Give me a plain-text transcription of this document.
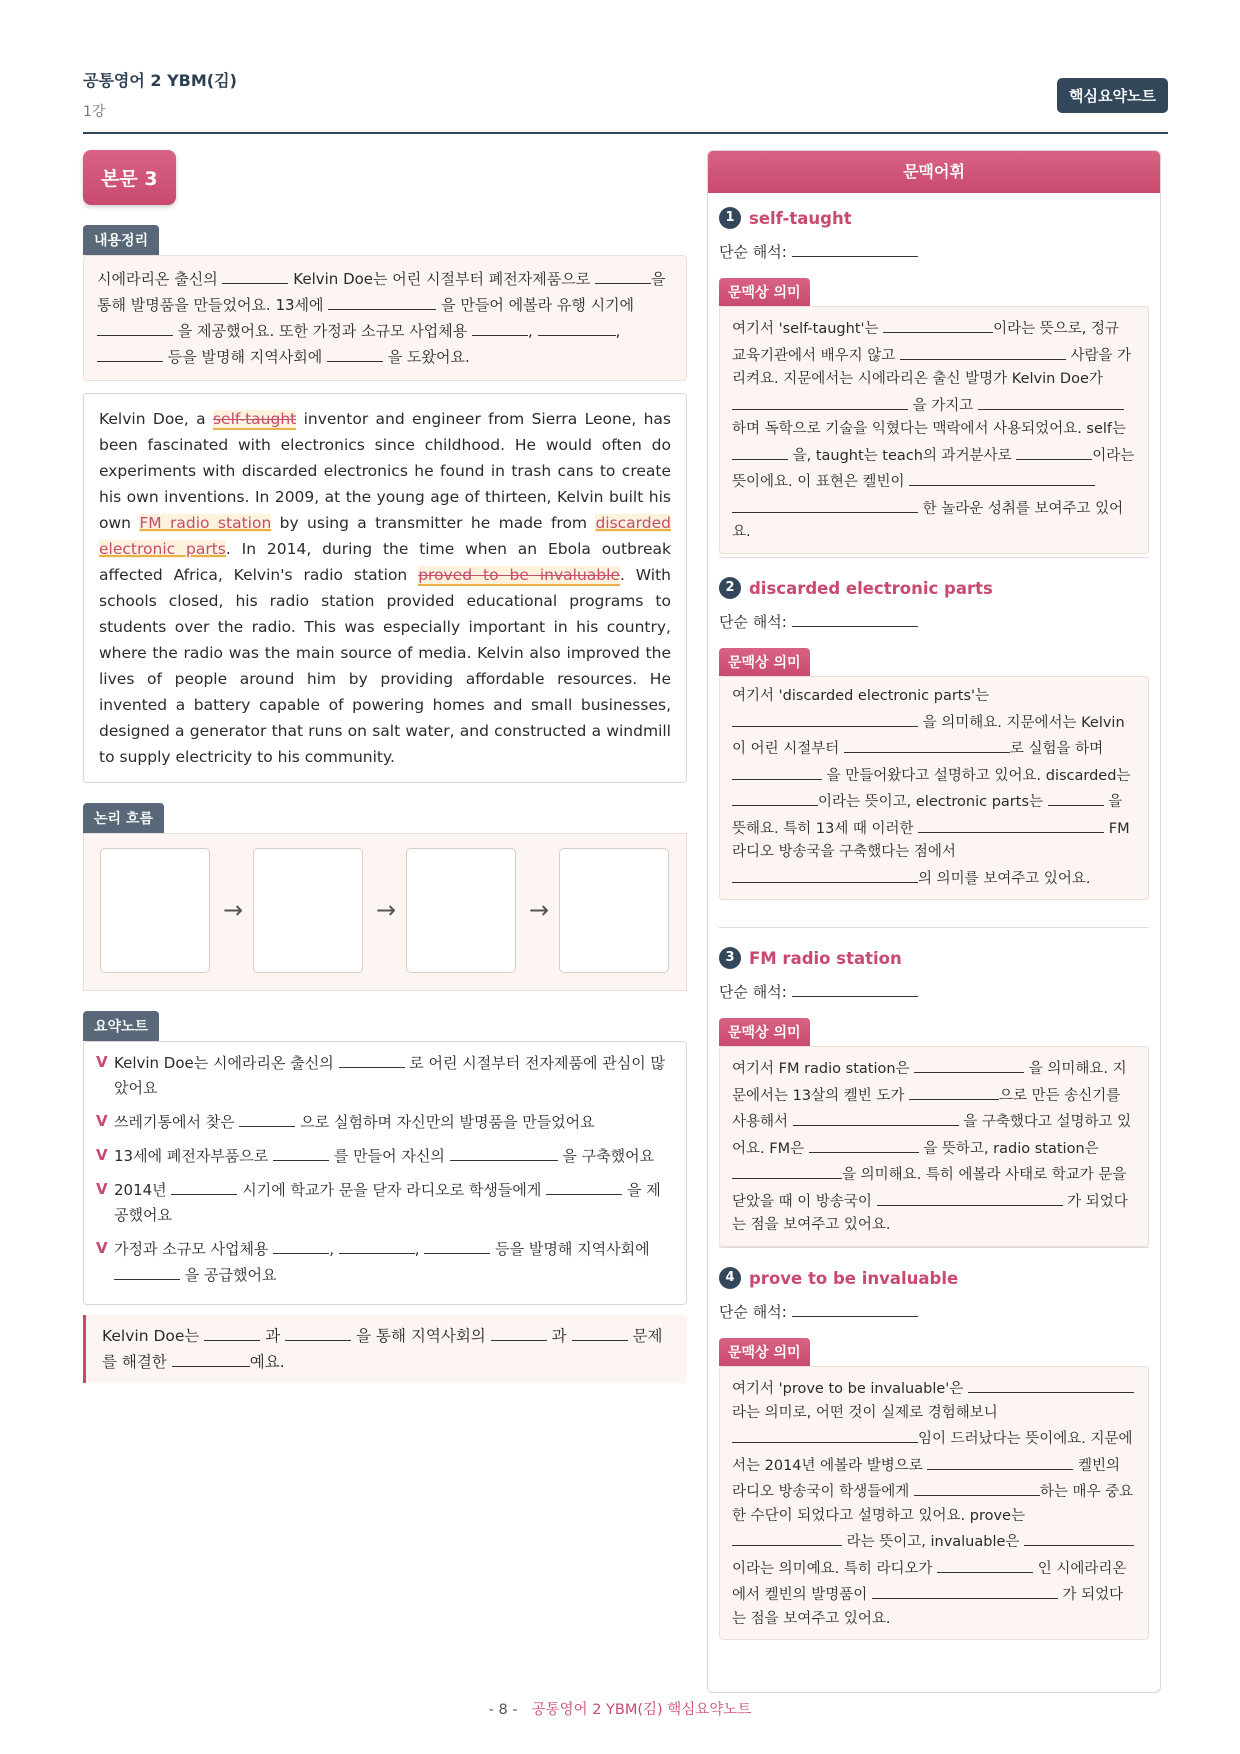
공통영어 2 YBM(김)
1강
핵심요약노트
본문 3
내용정리
시에라리온 출신의	Kelvin Doe는 어린 시절부터 폐전자제품으로	을 통해 발명품을 만들었어요. 13세에	을 만들어 에볼라 유행 시기에  을 제공했어요. 또한 가정과 소규모 사업체용	,	,  등을 발명해 지역사회에	을 도왔어요.
Kelvin Doe, a self-taught inventor and engineer from Sierra Leone, has been fascinated with electronics since childhood. He would often do experiments with discarded electronics he found in trash cans to create his own inventions. In 2009, at the young age of thirteen, Kelvin built his own FM radio station by using a transmitter he made from discarded electronic parts. In 2014, during the time when an Ebola outbreak affected Africa, Kelvin's radio station proved to be invaluable. With schools closed, his radio station provided educational programs to students over the radio. This was especially important in his country, where the radio was the main source of media. Kelvin also improved the lives of people around him by providing affordable resources. He invented a battery capable of powering homes and small businesses, designed a generator that runs on salt water, and constructed a windmill to supply electricity to his community.
논리 흐름
→	→	→
요약노트
V Kelvin Doe는 시에라리온 출신의	로 어린 시절부터 전자제품에 관심이 많았어요
V 쓰레기통에서 찾은	으로 실험하며 자신만의 발명품을 만들었어요
V 13세에 폐전자부품으로	를 만들어 자신의	을 구축했어요
V 2014년	시기에 학교가 문을 닫자 라디오로 학생들에게	을 제공했어요
V 가정과 소규모 사업체용	,	,	등을 발명해 지역사회에  을 공급했어요
Kelvin Doe는	과	을 통해 지역사회의	과	문제를 해결한	예요.
문맥어휘
1 self-taught
단순 해석:
문맥상 의미
여기서 'self-taught'는	이라는 뜻으로, 정규 교육기관에서 배우지 않고	사람을 가리켜요. 지문에서는 시에라리온 출신 발명가 Kelvin Doe가  을 가지고 하며 독학으로 기술을 익혔다는 맥락에서 사용되었어요. self는  을, taught는 teach의 과거분사로	이라는 뜻이에요. 이 표현은 켈빈이   한 놀라운 성취를 보여주고 있어요.
2 discarded electronic parts
단순 해석:
문맥상 의미
여기서 'discarded electronic parts'는  을 의미해요. 지문에서는 Kelvin이 어린 시절부터	로 실험을 하며  을 만들어왔다고 설명하고 있어요. discarded는 이라는 뜻이고, electronic parts는	을 뜻해요. 특히 13세 때 이러한	FM 라디오 방송국을 구축했다는 점에서 의 의미를 보여주고 있어요.
3 FM radio station
단순 해석:
문맥상 의미
여기서 FM radio station은	을 의미해요. 지문에서는 13살의 켈빈 도가	으로 만든 송신기를 사용해서	을 구축했다고 설명하고 있어요. FM은	을 뜻하고, radio station은 을 의미해요. 특히 에볼라 사태로 학교가 문을 닫았을 때 이 방송국이	가 되었다는 점을 보여주고 있어요.
4 prove to be invaluable
단순 해석:
문맥상 의미
여기서 'prove to be invaluable'은 라는 의미로, 어떤 것이 실제로 경험해보니 임이 드러났다는 뜻이에요. 지문에서는 2014년 에볼라 발병으로	켈빈의 라디오 방송국이 학생들에게	하는 매우 중요한 수단이 되었다고 설명하고 있어요. prove는  라는 뜻이고, invaluable은 이라는 의미예요. 특히 라디오가	인 시에라리온에서 켈빈의 발명품이	가 되었다는 점을 보여주고 있어요.
- 8 - 공통영어 2 YBM(김) 핵심요약노트
